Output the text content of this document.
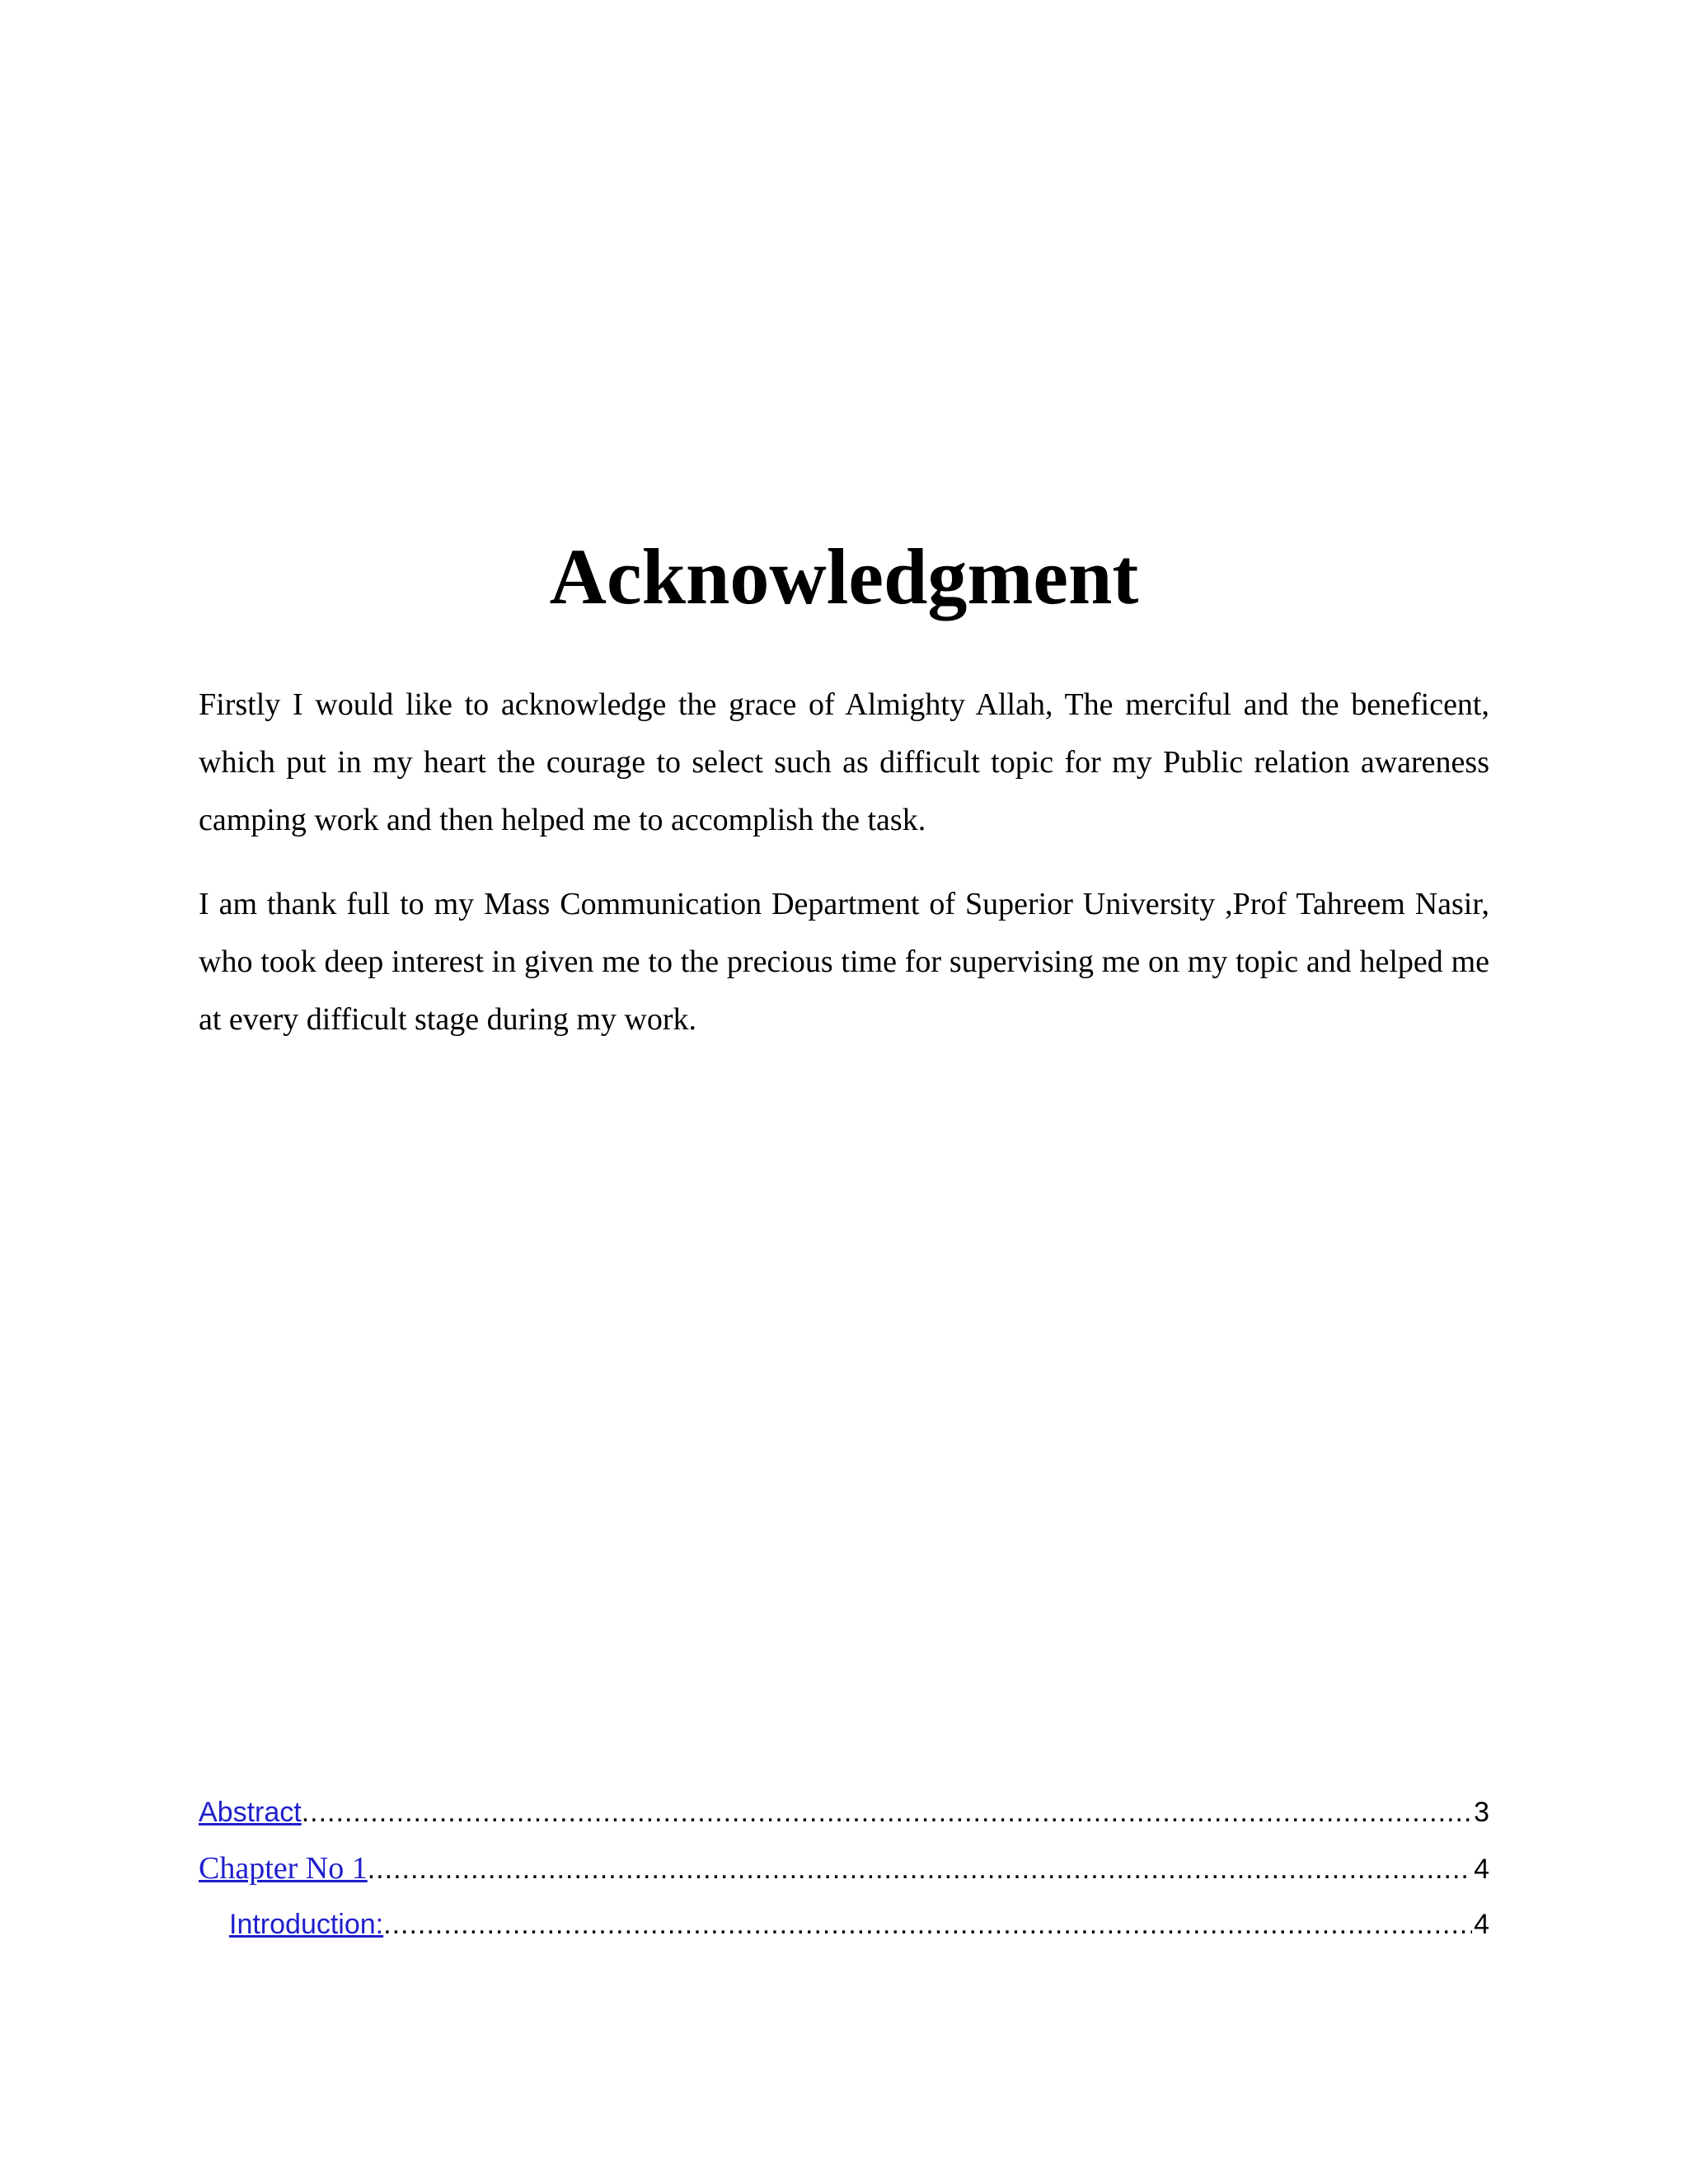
Acknowledgment

Firstly I would like to acknowledge the grace of Almighty Allah, The merciful and the beneficent, which put in my heart the courage to select such as difficult topic for my Public relation awareness camping work and then helped me to accomplish the task.

I am thank full to my Mass Communication Department of Superior University ,Prof Tahreem Nasir, who took deep interest in given me to the precious time for supervising me on my topic and helped me at every difficult stage during my work.

Abstract .....	3
Chapter No 1 .....	4
Introduction: .....	4
